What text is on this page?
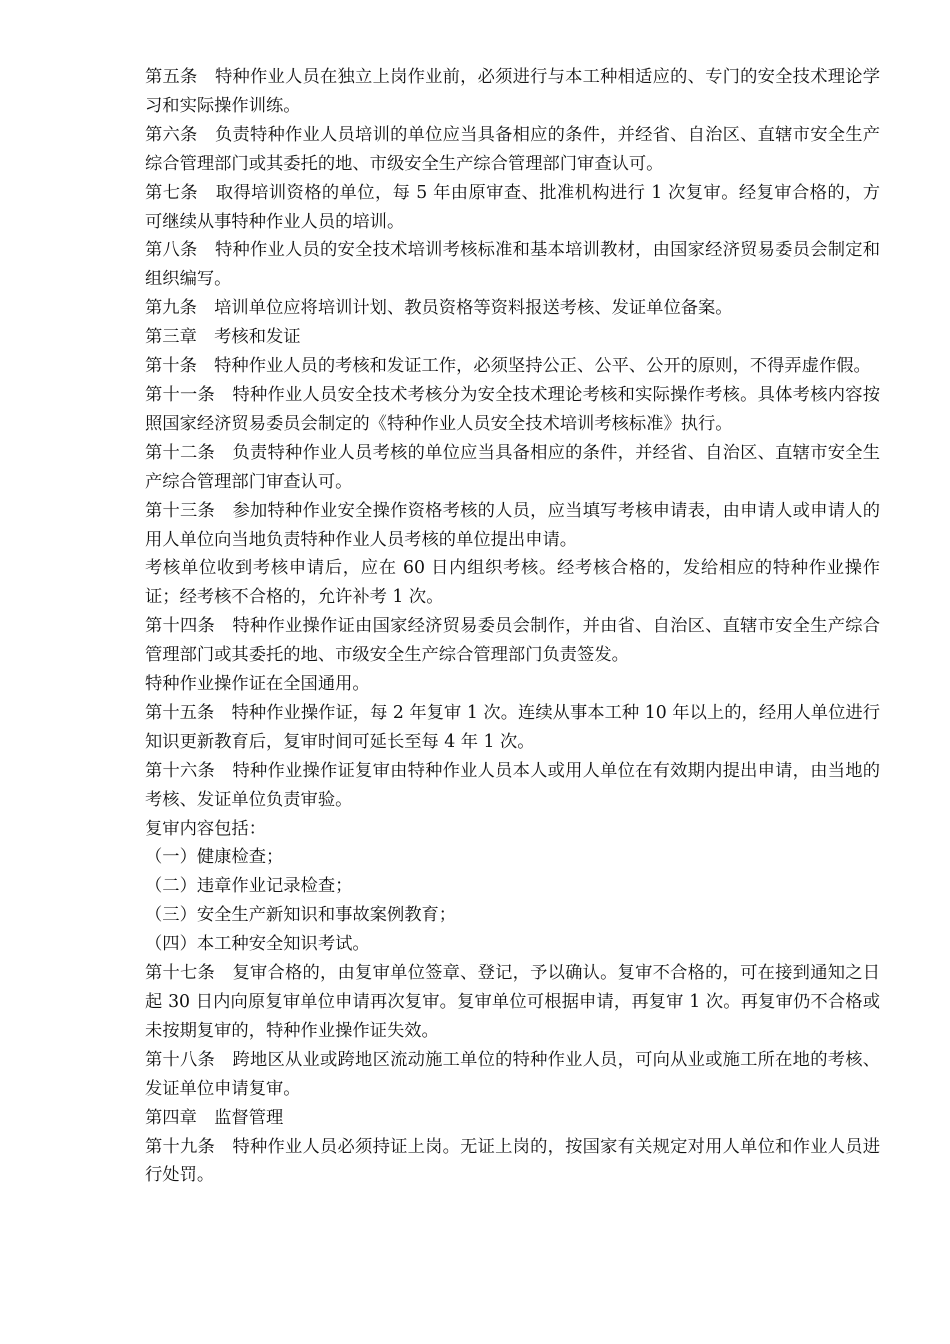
第五条　特种作业人员在独立上岗作业前，必须进行与本工种相适应的、专门的安全技术理论学习和实际操作训练。

第六条　负责特种作业人员培训的单位应当具备相应的条件，并经省、自治区、直辖市安全生产综合管理部门或其委托的地、市级安全生产综合管理部门审查认可。

第七条　取得培训资格的单位，每 5 年由原审查、批准机构进行 1 次复审。经复审合格的，方可继续从事特种作业人员的培训。

第八条　特种作业人员的安全技术培训考核标准和基本培训教材，由国家经济贸易委员会制定和组织编写。

第九条　培训单位应将培训计划、教员资格等资料报送考核、发证单位备案。

第三章　考核和发证

第十条　特种作业人员的考核和发证工作，必须坚持公正、公平、公开的原则，不得弄虚作假。

第十一条　特种作业人员安全技术考核分为安全技术理论考核和实际操作考核。具体考核内容按照国家经济贸易委员会制定的《特种作业人员安全技术培训考核标准》执行。

第十二条　负责特种作业人员考核的单位应当具备相应的条件，并经省、自治区、直辖市安全生产综合管理部门审查认可。

第十三条　参加特种作业安全操作资格考核的人员，应当填写考核申请表，由申请人或申请人的用人单位向当地负责特种作业人员考核的单位提出申请。

考核单位收到考核申请后，应在 60 日内组织考核。经考核合格的，发给相应的特种作业操作证；经考核不合格的，允许补考 1 次。

第十四条　特种作业操作证由国家经济贸易委员会制作，并由省、自治区、直辖市安全生产综合管理部门或其委托的地、市级安全生产综合管理部门负责签发。

特种作业操作证在全国通用。

第十五条　特种作业操作证，每 2 年复审 1 次。连续从事本工种 10 年以上的，经用人单位进行知识更新教育后，复审时间可延长至每 4 年 1 次。

第十六条　特种作业操作证复审由特种作业人员本人或用人单位在有效期内提出申请，由当地的考核、发证单位负责审验。

复审内容包括：

（一）健康检查；

（二）违章作业记录检查；

（三）安全生产新知识和事故案例教育；

（四）本工种安全知识考试。

第十七条　复审合格的，由复审单位签章、登记，予以确认。复审不合格的，可在接到通知之日起 30 日内向原复审单位申请再次复审。复审单位可根据申请，再复审 1 次。再复审仍不合格或未按期复审的，特种作业操作证失效。

第十八条　跨地区从业或跨地区流动施工单位的特种作业人员，可向从业或施工所在地的考核、发证单位申请复审。

第四章　监督管理

第十九条　特种作业人员必须持证上岗。无证上岗的，按国家有关规定对用人单位和作业人员进行处罚。
